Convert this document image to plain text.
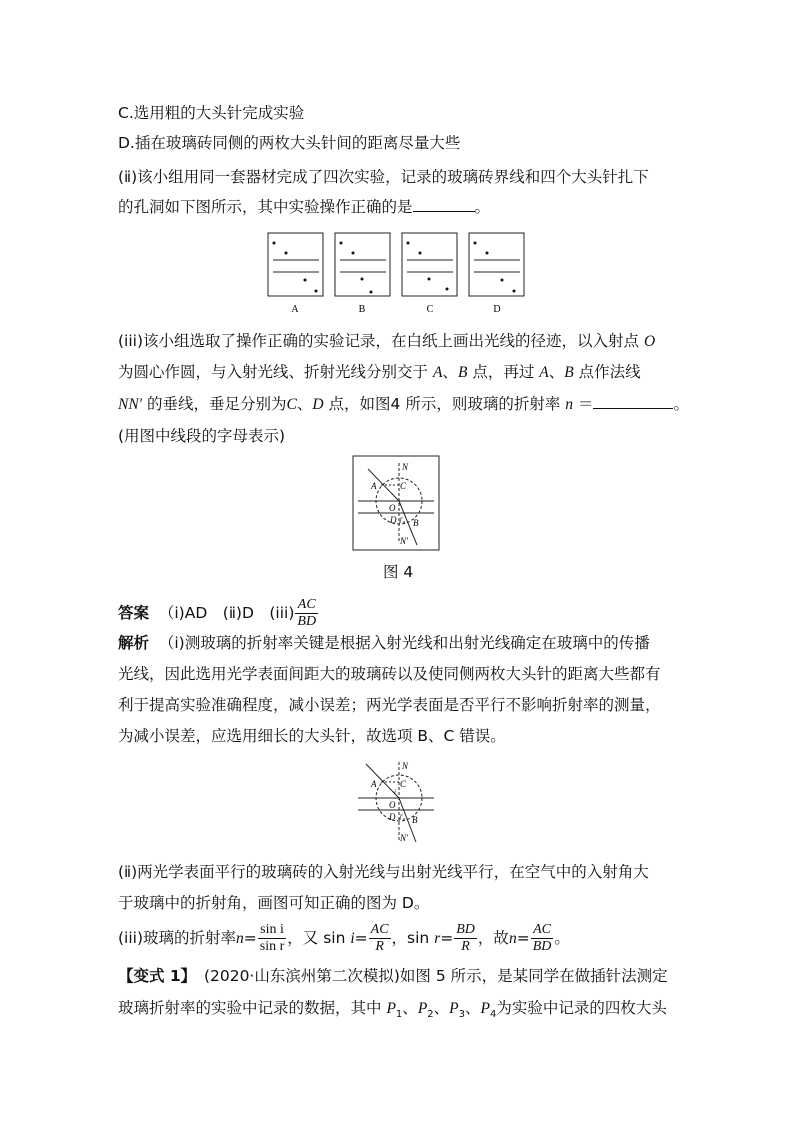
C.选用粗的大头针完成实验
D.插在玻璃砖同侧的两枚大头针间的距离尽量大些
(ⅱ)该小组用同一套器材完成了四次实验，记录的玻璃砖界线和四个大头针扎下
的孔洞如下图所示，其中实验操作正确的是	。
A	B	C	D
(iii)该小组选取了操作正确的实验记录，在白纸上画出光线的径迹，以入射点 O
为圆心作圆，与入射光线、折射光线分别交于 A、B 点，再过 A、B 点作法线
NN′ 的垂线，垂足分别为C、D 点，如图4 所示，则玻璃的折射率 n ＝	。
(用图中线段的字母表示)
N
A	C
O
D r B
N′
图 4
答案 （ⅰ)AD　(ⅱ)D　$(iii) \frac{AC}{BD}$
解析 （ⅰ)测玻璃的折射率关键是根据入射光线和出射光线确定在玻璃中的传播
光线，因此选用光学表面间距大的玻璃砖以及使同侧两枚大头针的距离大些都有
利于提高实验准确程度，减小误差；两光学表面是否平行不影响折射率的测量，
为减小误差，应选用细长的大头针，故选项 B、C 错误。
N
A	C
i
O
D r B
N′
(ⅱ)两光学表面平行的玻璃砖的入射光线与出射光线平行，在空气中的入射角大
于玻璃中的折射角，画图可知正确的图为 D。
(iii)玻璃的折射率$n= \frac{\text{sin i}}{\text{sin r}}$ ，又 $\sin i= \frac{AC}{R}$ ，$\sin r= \frac{BD}{R}$ ，故$n= \frac{AC}{BD}$ 。
【变式 1】　(2020·山东滨州第二次模拟)如图 5 所示，是某同学在做插针法测定
玻璃折射率的实验中记录的数据，其中 $P_1$、$P_2$、$P_3$、$P_4$为实验中记录的四枚大头
